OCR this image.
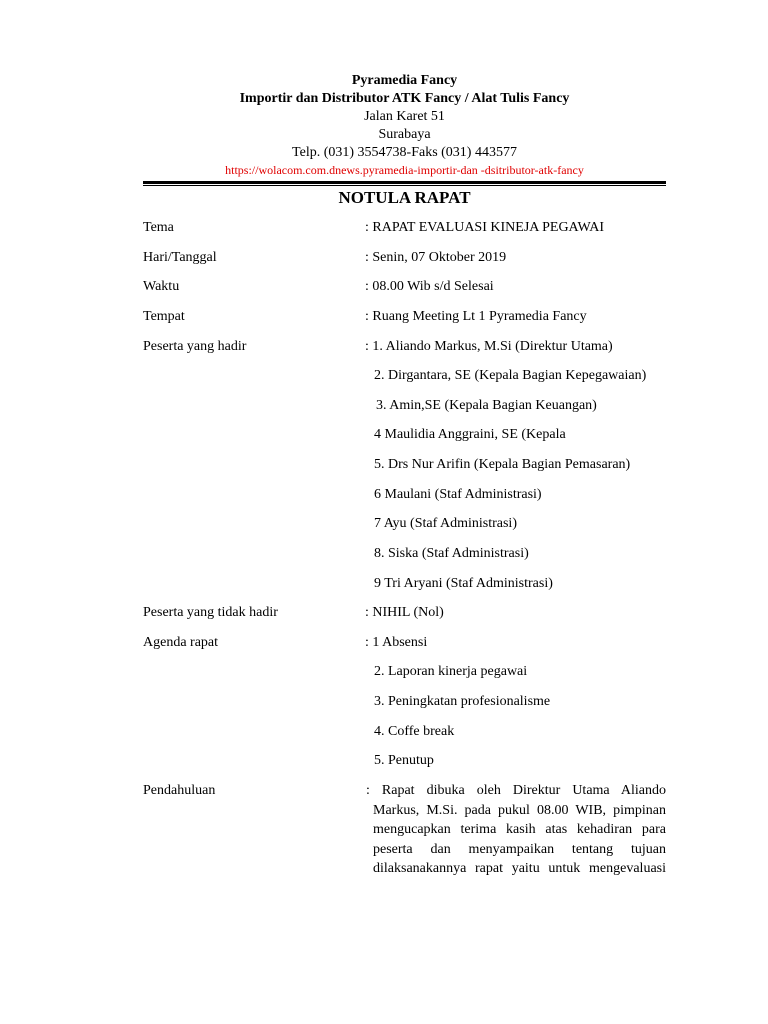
Pyramedia Fancy
Importir dan Distributor ATK Fancy / Alat Tulis Fancy
Jalan Karet 51
Surabaya
Telp. (031) 3554738-Faks (031) 443577
https://wolacom.com.dnews.pyramedia-importir-dan -dsitributor-atk-fancy
NOTULA RAPAT
Tema	: RAPAT EVALUASI KINEJA PEGAWAI
Hari/Tanggal	: Senin, 07 Oktober 2019
Waktu	: 08.00 Wib s/d Selesai
Tempat	: Ruang Meeting Lt 1 Pyramedia Fancy
Peserta yang hadir	: 1. Aliando Markus, M.Si (Direktur Utama)
2. Dirgantara, SE (Kepala Bagian Kepegawaian)
3. Amin,SE (Kepala Bagian Keuangan)
4 Maulidia Anggraini, SE (Kepala
5. Drs Nur Arifin (Kepala Bagian Pemasaran)
6 Maulani (Staf Administrasi)
7 Ayu (Staf Administrasi)
8. Siska (Staf Administrasi)
9 Tri Aryani (Staf Administrasi)
Peserta yang tidak hadir	: NIHIL (Nol)
Agenda rapat	: 1 Absensi
2. Laporan kinerja pegawai
3. Peningkatan profesionalisme
4. Coffe break
5. Penutup
Pendahuluan	: Rapat dibuka oleh Direktur Utama Aliando
Markus, M.Si. pada pukul 08.00 WIB, pimpinan
mengucapkan terima kasih atas kehadiran para
peserta dan menyampaikan tentang tujuan
dilaksanakannya rapat yaitu untuk mengevaluasi
